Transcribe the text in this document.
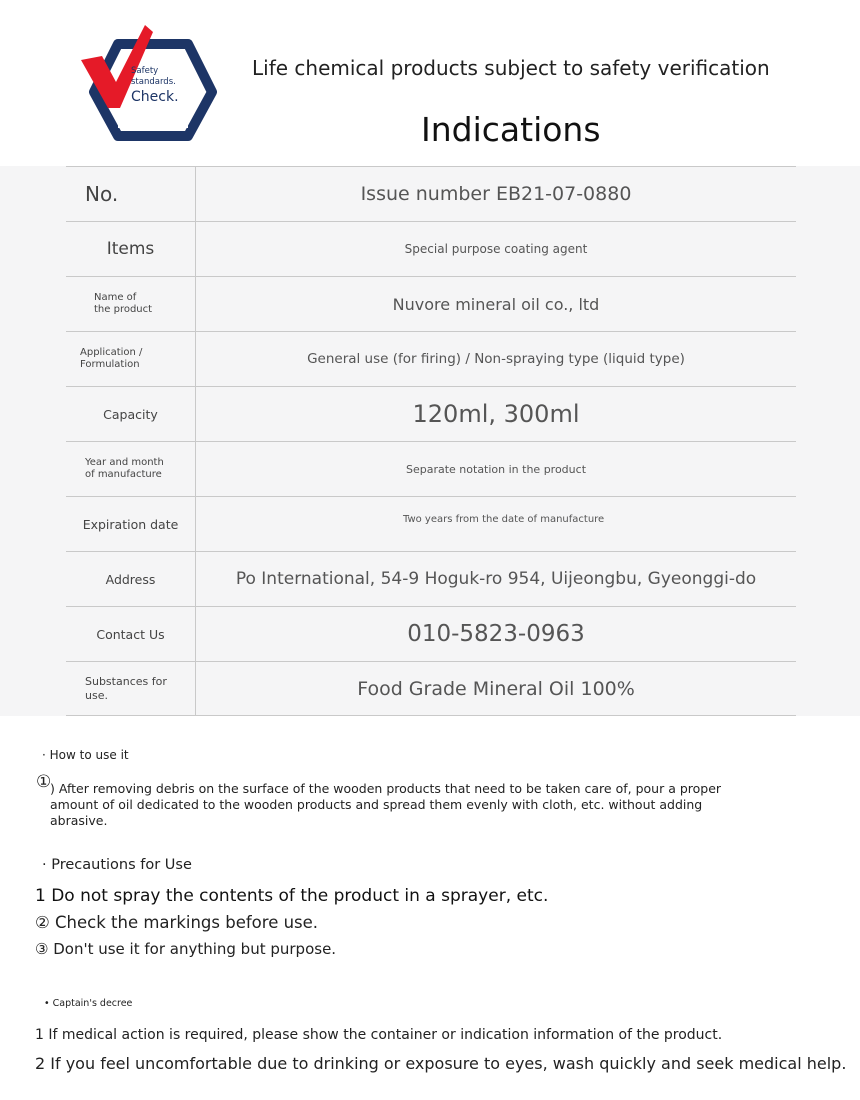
Safety
standards.
Check.
Life chemical products subject to safety verification
Indications
No.	Issue number EB21-07-0880
Items	Special purpose coating agent
Name of the product	Nuvore mineral oil co., ltd
Application / Formulation	General use (for firing) / Non-spraying type (liquid type)
Capacity	120ml, 300ml
Year and month of manufacture	Separate notation in the product
Expiration date	Two years from the date of manufacture
Address	Po International, 54-9 Hoguk-ro 954, Uijeongbu, Gyeonggi-do
Contact Us	010-5823-0963
Substances for use.	Food Grade Mineral Oil 100%
· How to use it
①
) After removing debris on the surface of the wooden products that need to be taken care of, pour a proper amount of oil dedicated to the wooden products and spread them evenly with cloth, etc. without adding abrasive.
· Precautions for Use
1 Do not spray the contents of the product in a sprayer, etc.
② Check the markings before use.
③ Don't use it for anything but purpose.
• Captain's decree
1 If medical action is required, please show the container or indication information of the product.
2 If you feel uncomfortable due to drinking or exposure to eyes, wash quickly and seek medical help.
